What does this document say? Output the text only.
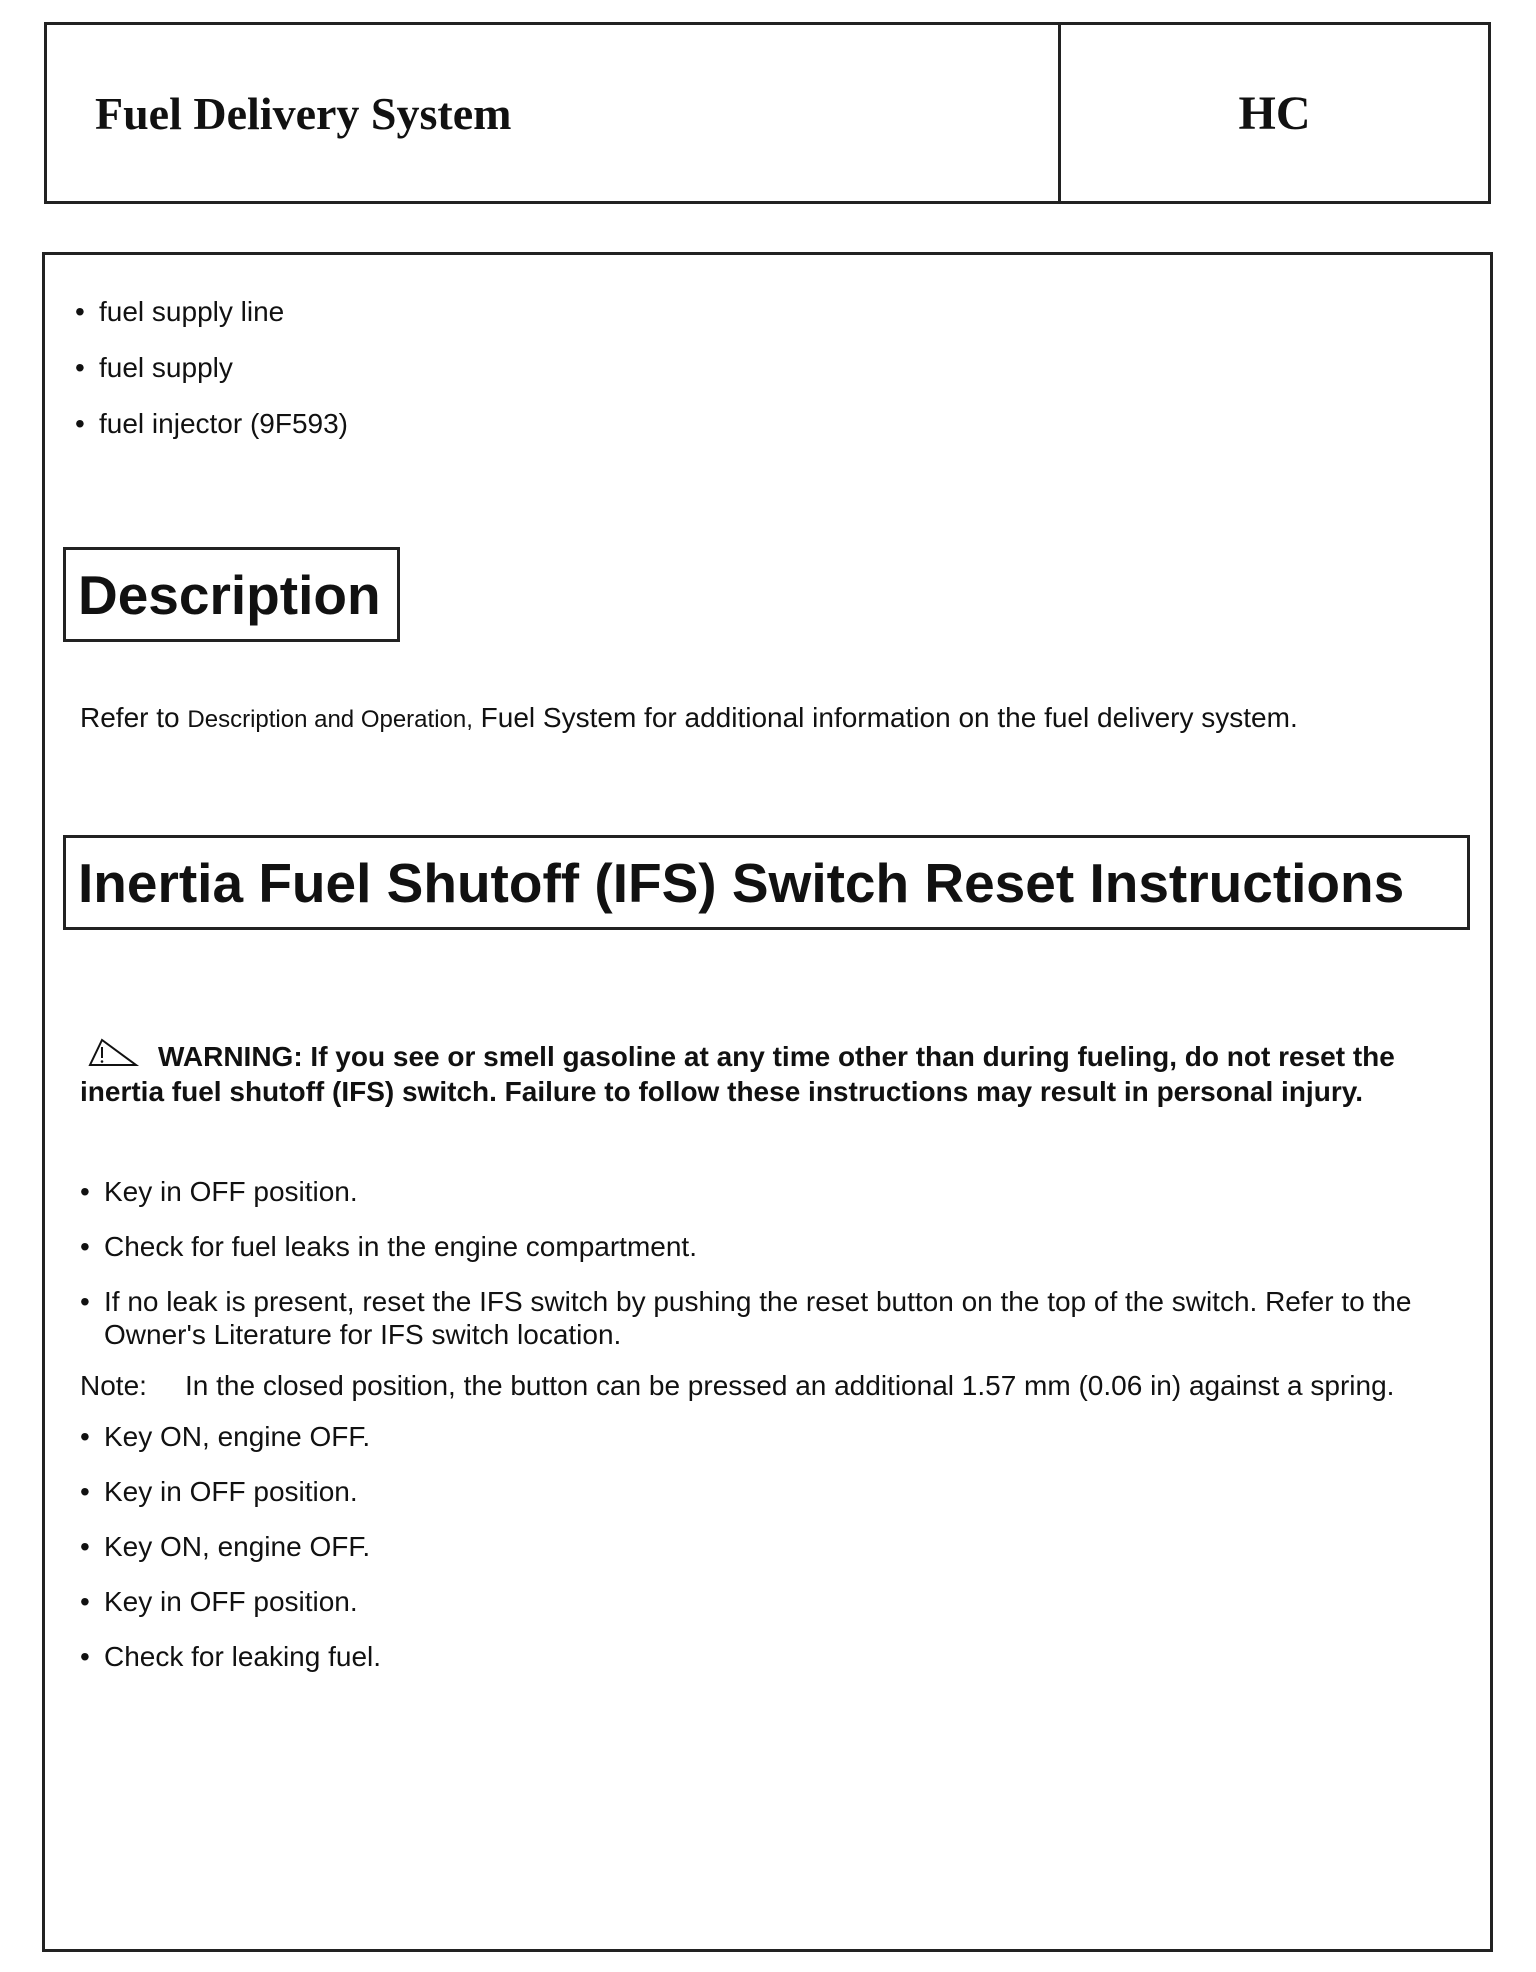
Fuel Delivery System	HC
• fuel supply line
• fuel supply
• fuel injector (9F593)
Description
Refer to Description and Operation, Fuel System for additional information on the fuel delivery system.
Inertia Fuel Shutoff (IFS) Switch Reset Instructions
WARNING: If you see or smell gasoline at any time other than during fueling, do not reset the inertia fuel shutoff (IFS) switch. Failure to follow these instructions may result in personal injury.
• Key in OFF position.
• Check for fuel leaks in the engine compartment.
• If no leak is present, reset the IFS switch by pushing the reset button on the top of the switch. Refer to the Owner's Literature for IFS switch location.
Note:	In the closed position, the button can be pressed an additional 1.57 mm (0.06 in) against a spring.
• Key ON, engine OFF.
• Key in OFF position.
• Key ON, engine OFF.
• Key in OFF position.
• Check for leaking fuel.
